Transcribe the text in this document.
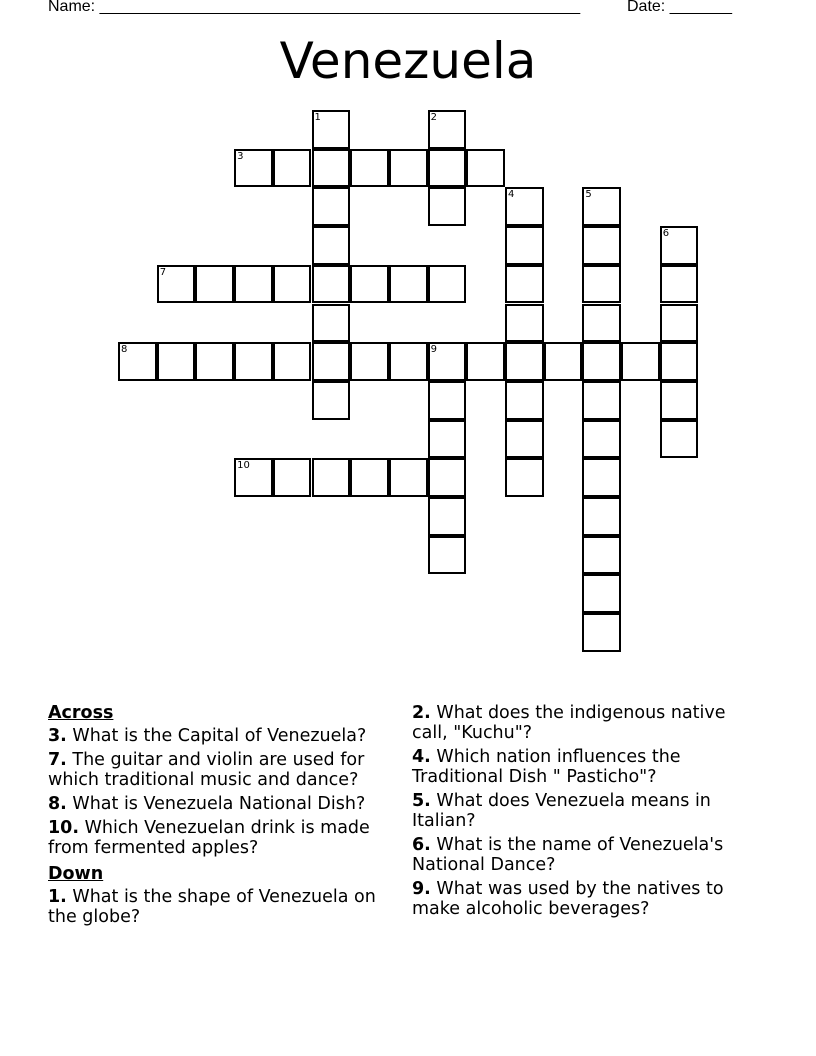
Name: ______________________________________________________	Date: _______
Venezuela
1	2
3
4	5
6
7
8	9
10
Across
3. What is the Capital of Venezuela?
7. The guitar and violin are used for which traditional music and dance?
8. What is Venezuela National Dish?
10. Which Venezuelan drink is made from fermented apples?
Down
1. What is the shape of Venezuela on the globe?
2. What does the indigenous native call, "Kuchu"?
4. Which nation influences the Traditional Dish " Pasticho"?
5. What does Venezuela means in Italian?
6. What is the name of Venezuela's National Dance?
9. What was used by the natives to make alcoholic beverages?
